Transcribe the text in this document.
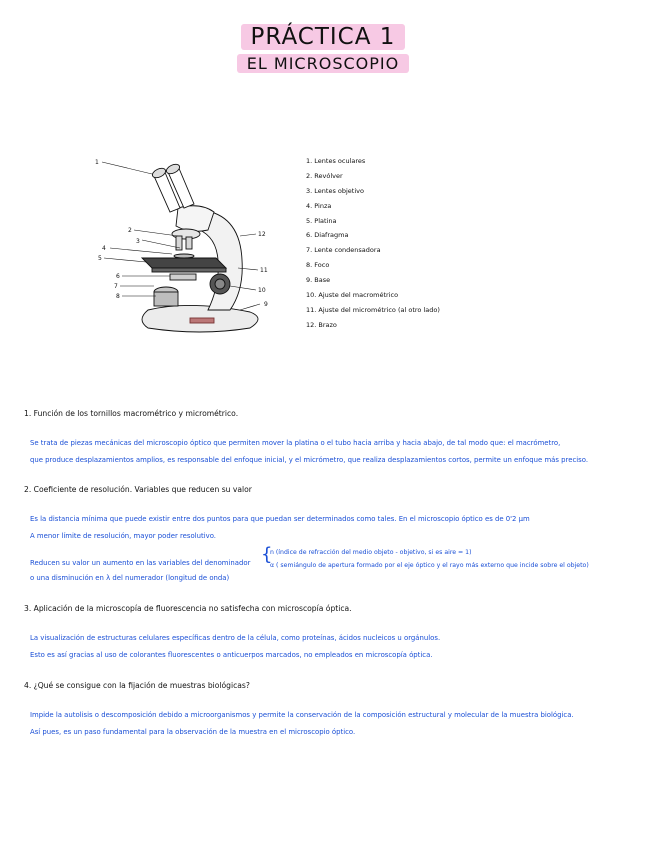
PRÁCTICA 1
EL MICROSCOPIO
1
2
3
4
5
6
7
8
9
10
11
12
1. Lentes oculares
2. Revólver
3. Lentes objetivo
4. Pinza
5. Platina
6. Diafragma
7. Lente condensadora
8. Foco
9. Base
10. Ajuste del macrométrico
11. Ajuste del micrométrico (al otro lado)
12. Brazo
1. Función de los tornillos macrométrico y micrométrico.
Se trata de piezas mecánicas del microscopio óptico que permiten mover la platina o el tubo hacia arriba y hacia abajo, de tal modo que: el macrómetro,
que produce desplazamientos amplios, es responsable del enfoque inicial, y el micrómetro, que realiza desplazamientos cortos, permite un enfoque más preciso.
2. Coeficiente de resolución. Variables que reducen su valor
Es la distancia mínima que puede existir entre dos puntos para que puedan ser determinados como tales. En el microscopio óptico es de 0'2 µm
A menor límite de resolución, mayor poder resolutivo.
Reducen su valor un aumento en las variables del denominador {
n (índice de refracción del medio objeto - objetivo, si es aire = 1)
α ( semiángulo de apertura formado por el eje óptico y el rayo más externo que incide sobre el objeto)
o una disminución en λ del numerador (longitud de onda)
3. Aplicación de la microscopía de fluorescencia no satisfecha con microscopía óptica.
La visualización de estructuras celulares específicas dentro de la célula, como proteínas, ácidos nucleicos u orgánulos.
Esto es así gracias al uso de colorantes fluorescentes o anticuerpos marcados, no empleados en microscopía óptica.
4. ¿Qué se consigue con la fijación de muestras biológicas?
Impide la autolisis o descomposición debido a microorganismos y permite la conservación de la composición estructural y molecular de la muestra biológica.
Así pues, es un paso fundamental para la observación de la muestra en el microscopio óptico.
